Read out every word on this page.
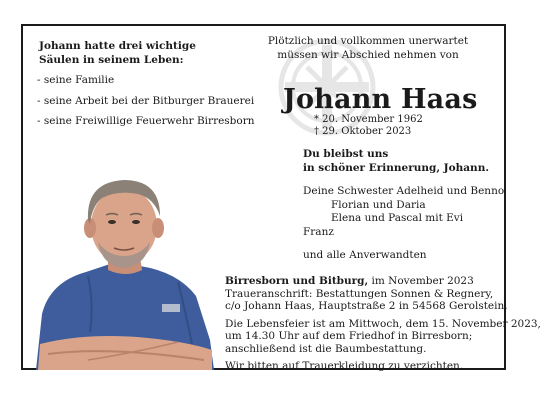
Johann hatte drei wichtige
Säulen in seinem Leben:
- seine Familie
- seine Arbeit bei der Bitburger Brauerei
- seine Freiwillige Feuerwehr Birresborn
Plötzlich und vollkommen unerwartet
müssen wir Abschied nehmen von
Johann Haas
* 20. November 1962
† 29. Oktober 2023
Du bleibst uns
in schöner Erinnerung, Johann.
Deine Schwester Adelheid und Benno
Florian und Daria
Elena und Pascal mit Evi
Franz
und alle Anverwandten
Birresborn und Bitburg, im November 2023
Traueranschrift: Bestattungen Sonnen & Regnery,
c/o Johann Haas, Hauptstraße 2 in 54568 Gerolstein.
Die Lebensfeier ist am Mittwoch, dem 15. November 2023,
um 14.30 Uhr auf dem Friedhof in Birresborn;
anschließend ist die Baumbestattung.
Wir bitten auf Trauerkleidung zu verzichten.
